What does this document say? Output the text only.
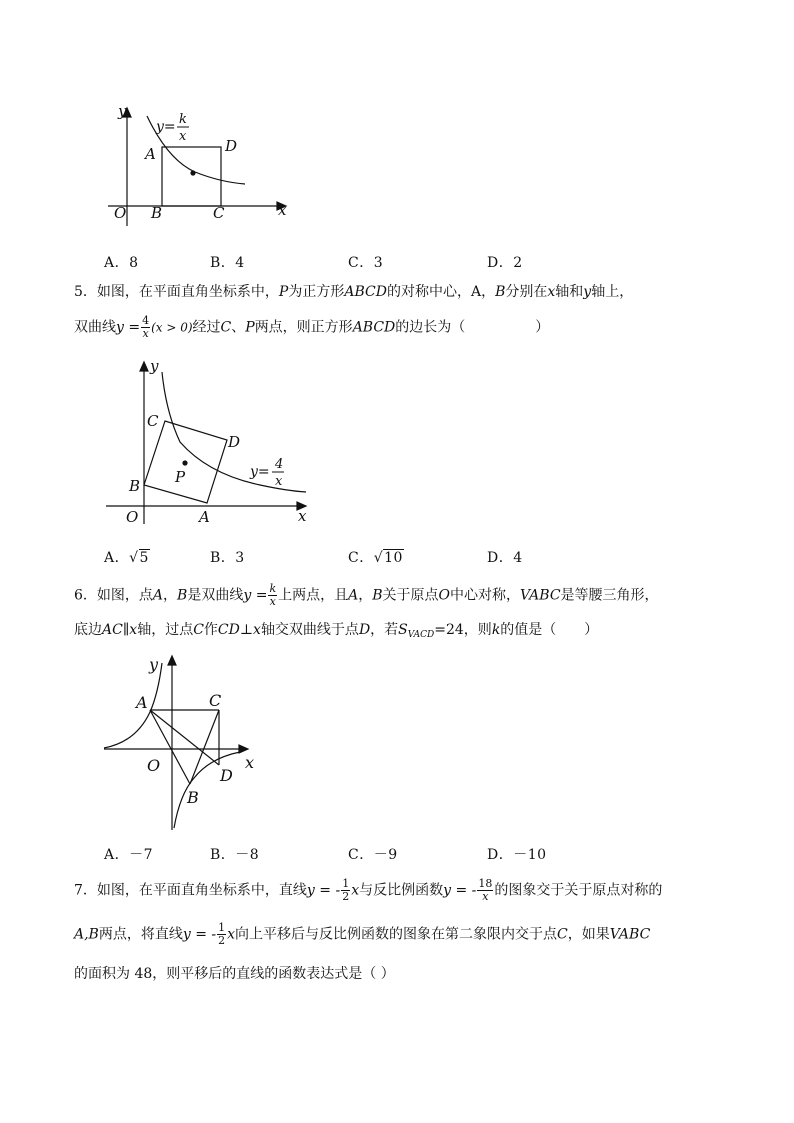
y
y= k
x
A	D
O B	C	x
A．8	B．4	C．3	D．2
5．如图，在平面直角坐标系中，P为正方形ABCD的对称中心，A，B分别在x轴和y轴上，
双曲线$y = \frac{4}{x} (x > 0)$经过C、P两点，则正方形ABCD的边长为（　　　　　）
y
C
D
P
B
O	A	x
y= 4
x
A．√5	B．3	C．√10	D．4
6．如图，点A，B是双曲线$y = \frac{k}{x}$ 上两点，且A，B关于原点O中心对称，VABC是等腰三角形，
底边AC∥x轴，过点C作CD⊥x轴交双曲线于点D，若$S_{VACD}=24$，则k的值是（　　）
y
A	C
O	x
D
B
A．－7	B．－8	C．－9	D．－10
7．如图，在平面直角坐标系中，直线y = - $\frac{1}{2}$ x与反比例函数y = - $\frac{18}{x}$ 的图象交于关于原点对称的
A,B两点，将直线y = - $\frac{1}{2}$ x向上平移后与反比例函数的图象在第二象限内交于点C，如果VABC
的面积为 48，则平移后的直线的函数表达式是（ ）
